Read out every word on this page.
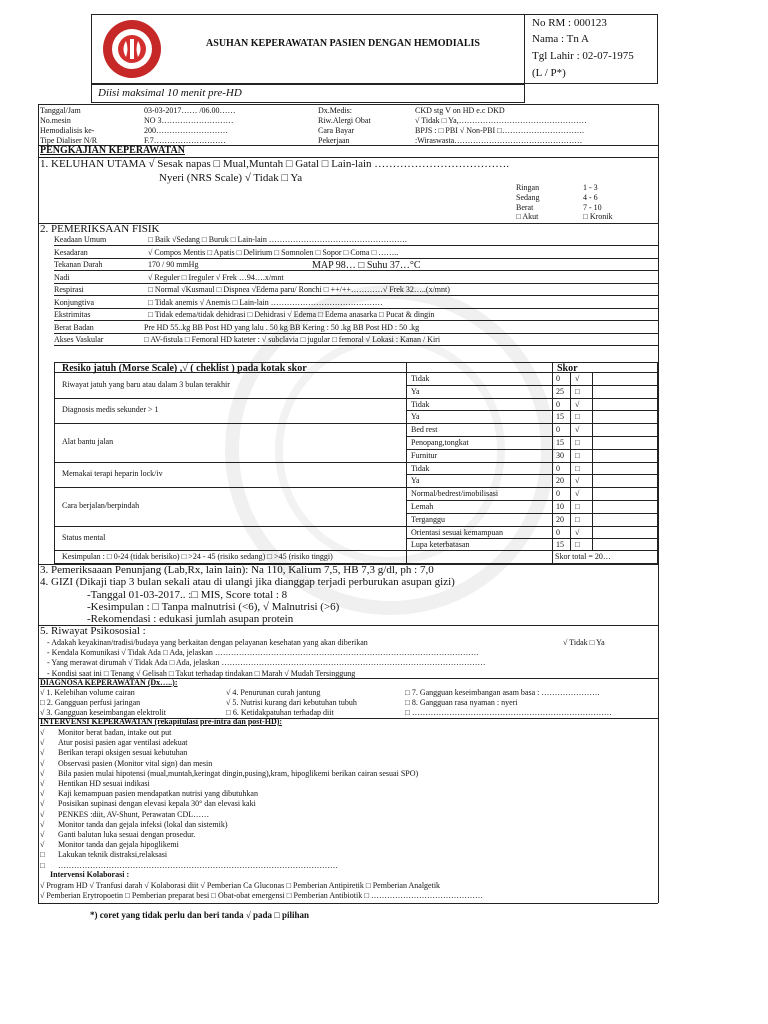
ASUHAN KEPERAWATAN PASIEN DENGAN HEMODIALIS
No RM : 000123
Nama : Tn A
Tgl Lahir : 02-07-1975
(L / P*)
Diisi maksimal 10 menit pre-HD
Tanggal/Jam	03-03-2017…… /06.00……	Dx.Medis:	CKD stg V on HD e.c DKD
No.mesin	NO 3………………………	Riw.Alergi Obat	√ Tidak □ Ya,…………………………………………
Hemodialisis ke-	200………………………	Cara Bayar	BPJS : □ PBI √ Non-PBI □………………………….
Tipe Dialiser N/R	F.7………………………	Pekerjaan	:Wiraswasta…………………………………………
PENGKAJIAN KEPERAWATAN
1. KELUHAN UTAMA √ Sesak napas □ Mual,Muntah □ Gatal □ Lain-lain ……………………………….
Nyeri (NRS Scale) √ Tidak □ Ya
Ringan	1 - 3
Sedang	4 - 6
Berat	7 - 10
□ Akut	□ Kronik
2. PEMERIKSAAN FISIK
Keadaan Umum	□ Baik √Sedang □ Buruk □ Lain-lain …………………………………………….
Kesadaran	√ Compos Mentis □ Apatis □ Delirium □ Somnolen □ Sopor □ Coma □ ……..
Tekanan Darah	170 / 90 mmHg	MAP 98… □ Suhu 37…°C
Nadi	√ Reguler □ Ireguler √ Frek …94….x/mnt
Respirasi	□ Normal √Kusmaul □ Dispnea √Edema paru/ Ronchi □ ++/++…………√ Frek 32…..(x/mnt)
Konjungtiva	□ Tidak anemis √ Anemis □ Lain-lain ……………………………………
Ekstrimitas	□ Tidak edema/tidak dehidrasi □ Dehidrasi √ Edema □ Edema anasarka □ Pucat & dingin
Berat Badan	Pre HD 55..kg BB Post HD yang lalu . 50 kg BB Kering : 50 .kg BB Post HD : 50 .kg
Akses Vaskular	□ AV-fistula □ Femoral HD kateter : √ subclavia □ jugular □ femoral √ Lokasi : Kanan / Kiri
Resiko jatuh (Morse Scale) ,√ ( cheklist ) pada kotak skor	Skor
Riwayat jatuh yang baru atau dalam 3 bulan terakhir
Tidak	0 √
Ya	25 □
Diagnosis medis sekunder > 1
Tidak	0 √
Ya	15 □
Alat bantu jalan
Bed rest	0 √
Penopang,tongkat	15 □
Furnitur	30 □
Memakai terapi heparin lock/iv
Tidak	0 □
Ya	20 √
Cara berjalan/berpindah
Normal/bedrest/imobilisasi	0 √
Lemah	10 □
Terganggu	20 □
Status mental
Orientasi sesuai kemampuan	0 √
Lupa keterbatasan	15 □
Kesimpulan : □ 0-24 (tidak berisiko) □ >24 - 45 (risiko sedang) □ >45 (risiko tinggi)	Skor total = 20…
3. Pemeriksaaan Penunjang (Lab,Rx, lain lain): Na 110, Kalium 7,5, HB 7,3 g/dl, ph : 7,0
4. GIZI (Dikaji tiap 3 bulan sekali atau di ulangi jika dianggap terjadi perburukan asupan gizi)
-Tanggal 01-03-2017.. :□ MIS, Score total : 8
-Kesimpulan : □ Tanpa malnutrisi (<6), √ Malnutrisi (>6)
-Rekomendasi : edukasi jumlah asupan protein
5. Riwayat Psikososial :
- Adakah keyakinan/tradisi/budaya yang berkaitan dengan pelayanan kesehatan yang akan diberikan	√ Tidak □ Ya
- Kendala Komunikasi √ Tidak Ada □ Ada, jelaskan ………………………………………………………………………………………
- Yang merawat dirumah √ Tidak Ada □ Ada, jelaskan ………………………………………………………………………………………
- Kondisi saat ini □ Tenang √ Gelisah □ Takut terhadap tindakan □ Marah √ Mudah Tersinggung
DIAGNOSA KEPERAWATAN (Dx…..):
√ 1. Kelebihan volume cairan
□ 2. Gangguan perfusi jaringan
√ 3. Gangguan keseimbangan elektrolit
√ 4. Penurunan curah jantung
√ 5. Nutrisi kurang dari kebutuhan tubuh
□ 6. Ketidakpatuhan terhadap diit
□ 7. Gangguan keseimbangan asam basa : ………………….
□ 8. Gangguan rasa nyaman : nyeri
□ …………………………………………………………………
INTERVENSI KEPERAWATAN (rekapitulasi pre-intra dan post-HD):
√ Monitor berat badan, intake out put
√ Atur posisi pasien agar ventilasi adekuat
√ Berikan terapi oksigen sesuai kebutuhan
√ Observasi pasien (Monitor vital sign) dan mesin
√ Bila pasien mulai hipotensi (mual,muntah,keringat dingin,pusing),kram, hipoglikemi berikan cairan sesuai SPO)
√ Hentikan HD sesuai indikasi
√ Kaji kemampuan pasien mendapatkan nutrisi yang dibutuhkan
√ Posisikan supinasi dengan elevasi kepala 30° dan elevasi kaki
√ PENKES :diit, AV-Shunt, Perawatan CDL……
√ Monitor tanda dan gejala infeksi (lokal dan sistemik)
√ Ganti balutan luka sesuai dengan prosedur.
√ Monitor tanda dan gejala hipoglikemi
□ Lakukan teknik distraksi,relaksasi
□ ……………………………………………………………………………………………
Intervensi Kolaborasi :
√ Program HD √ Tranfusi darah √ Kolaborasi diit √ Pemberian Ca Gluconas □ Pemberian Antipiretik □ Pemberian Analgetik
√ Pemberian Erytropoetin □ Pemberian preparat besi □ Obat-obat emergensi □ Pemberian Antibiotik □ ……………………………………
*) coret yang tidak perlu dan beri tanda √ pada □ pilihan
